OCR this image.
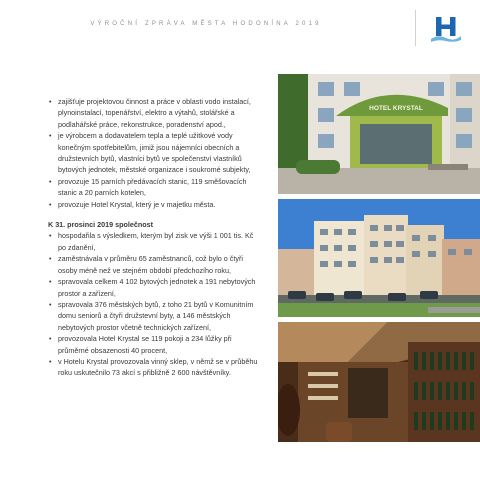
VÝROČNÍ ZPRÁVA MĚSTA HODONÍNA 2019
• zajišťuje projektovou činnost a práce v oblasti vodo instalací, plynoinstalací, topenářství, elektro a výtahů, stolářské a podlahářské práce, rekonstrukce, poradenství apod.,
• je výrobcem a dodavatelem tepla a teplé užitkové vody konečným spotřebitelům, jimiž jsou nájemníci obecních a družstevních bytů, vlastníci bytů ve společenství vlastníků bytových jednotek, městské organizace i soukromé subjekty,
• provozuje 15 parních předávacích stanic, 119 směšovacích stanic a 20 parních kotelen,
• provozuje Hotel Krystal, který je v majetku města.

K 31. prosinci 2019 společnost

• hospodařila s výsledkem, kterým byl zisk ve výši 1 001 tis. Kč po zdanění,
• zaměstnávala v průměru 65 zaměstnanců, což bylo o čtyři osoby méně než ve stejném období předchozího roku,
• spravovala celkem 4 102 bytových jednotek a 191 nebytových prostor a zařízení,
• spravovala 376 městských bytů, z toho 21 bytů v Komunitním domu seniorů a čtyři družstevní byty, a 146 městských nebytových prostor včetně technických zařízení,
• provozovala Hotel Krystal se 119 pokoji a 234 lůžky při průměrné obsazenosti 40 procent,
• v Hotelu Krystal provozovala vinný sklep, v němž se v průběhu roku uskutečnilo 73 akcí s přibližně 2 600 návštěvníky.
HOTEL KRYSTAL
